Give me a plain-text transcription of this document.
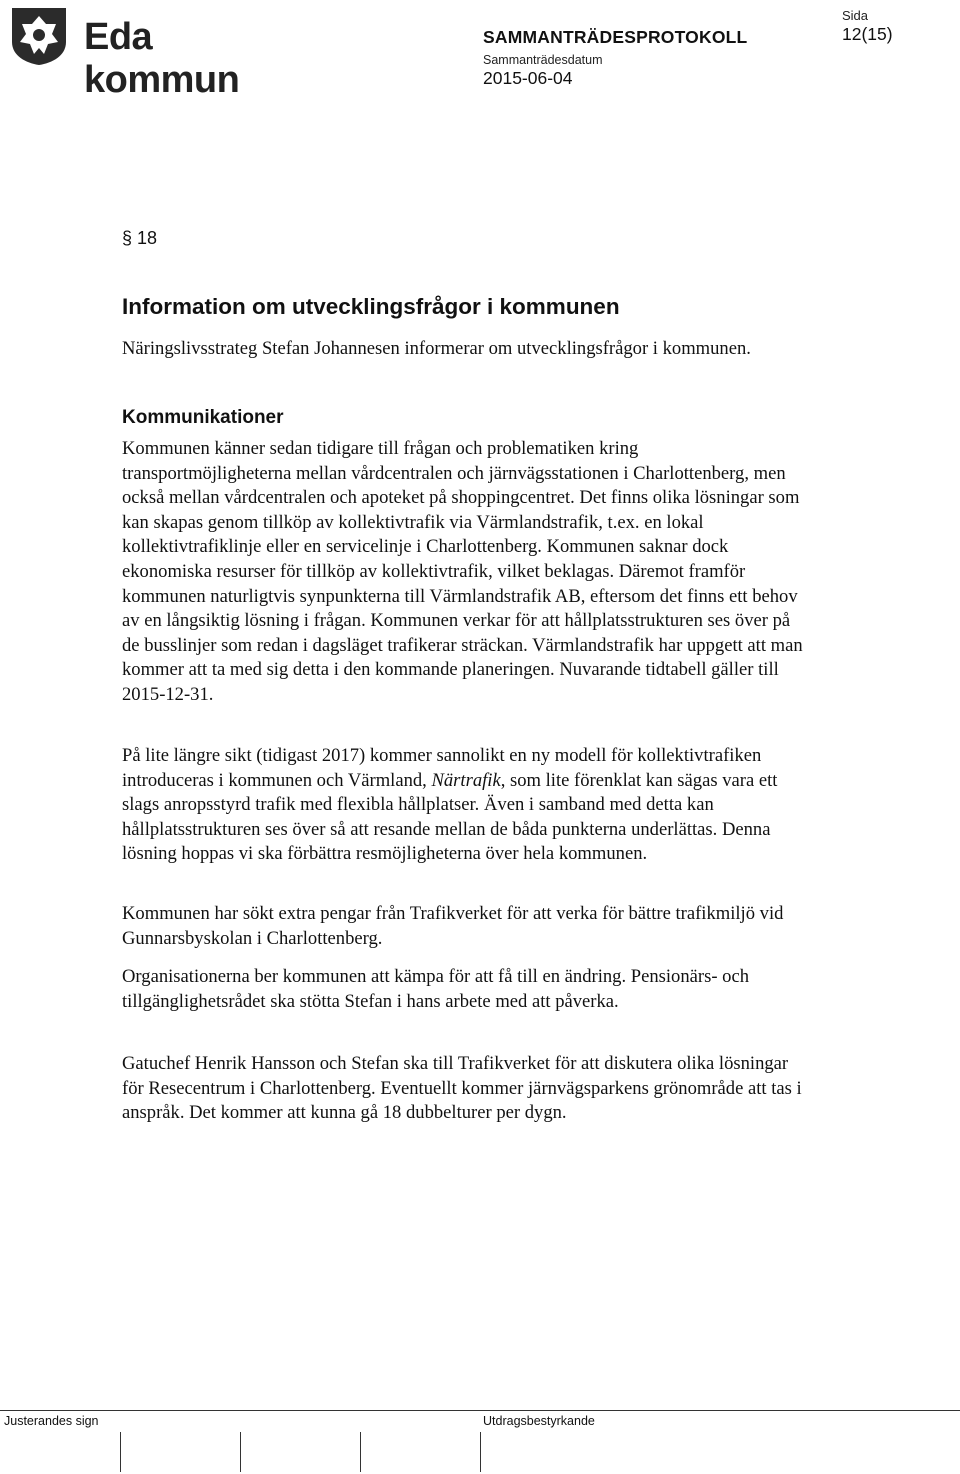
Eda kommun
SAMMANTRÄDESPROTOKOLL
Sammanträdesdatum
2015-06-04
Sida
12(15)
§ 18
Information om utvecklingsfrågor i kommunen

Näringslivsstrateg Stefan Johannesen informerar om utvecklingsfrågor i kommunen.

Kommunikationer

Kommunen känner sedan tidigare till frågan och problematiken kring transportmöjligheterna mellan vårdcentralen och järnvägsstationen i Charlottenberg, men också mellan vårdcentralen och apoteket på shoppingcentret. Det finns olika lösningar som kan skapas genom tillköp av kollektivtrafik via Värmlandstrafik, t.ex. en lokal kollektivtrafiklinje eller en servicelinje i Charlottenberg. Kommunen saknar dock ekonomiska resurser för tillköp av kollektivtrafik, vilket beklagas. Däremot framför kommunen naturligtvis synpunkterna till Värmlandstrafik AB, eftersom det finns ett behov av en långsiktig lösning i frågan. Kommunen verkar för att hållplatsstrukturen ses över på de busslinjer som redan i dagsläget trafikerar sträckan. Värmlandstrafik har uppgett att man kommer att ta med sig detta i den kommande planeringen. Nuvarande tidtabell gäller till 2015-12-31.

På lite längre sikt (tidigast 2017) kommer sannolikt en ny modell för kollektivtrafiken introduceras i kommunen och Värmland, Närtrafik, som lite förenklat kan sägas vara ett slags anropsstyrd trafik med flexibla hållplatser. Även i samband med detta kan hållplatsstrukturen ses över så att resande mellan de båda punkterna underlättas. Denna lösning hoppas vi ska förbättra resmöjligheterna över hela kommunen.

Kommunen har sökt extra pengar från Trafikverket för att verka för bättre trafikmiljö vid Gunnarsbyskolan i Charlottenberg.

Organisationerna ber kommunen att kämpa för att få till en ändring. Pensionärs- och tillgänglighetsrådet ska stötta Stefan i hans arbete med att påverka.

Gatuchef Henrik Hansson och Stefan ska till Trafikverket för att diskutera olika lösningar för Resecentrum i Charlottenberg. Eventuellt kommer järnvägsparkens grönområde att tas i anspråk. Det kommer att kunna gå 18 dubbelturer per dygn.

Justerandes sign	Utdragsbestyrkande
